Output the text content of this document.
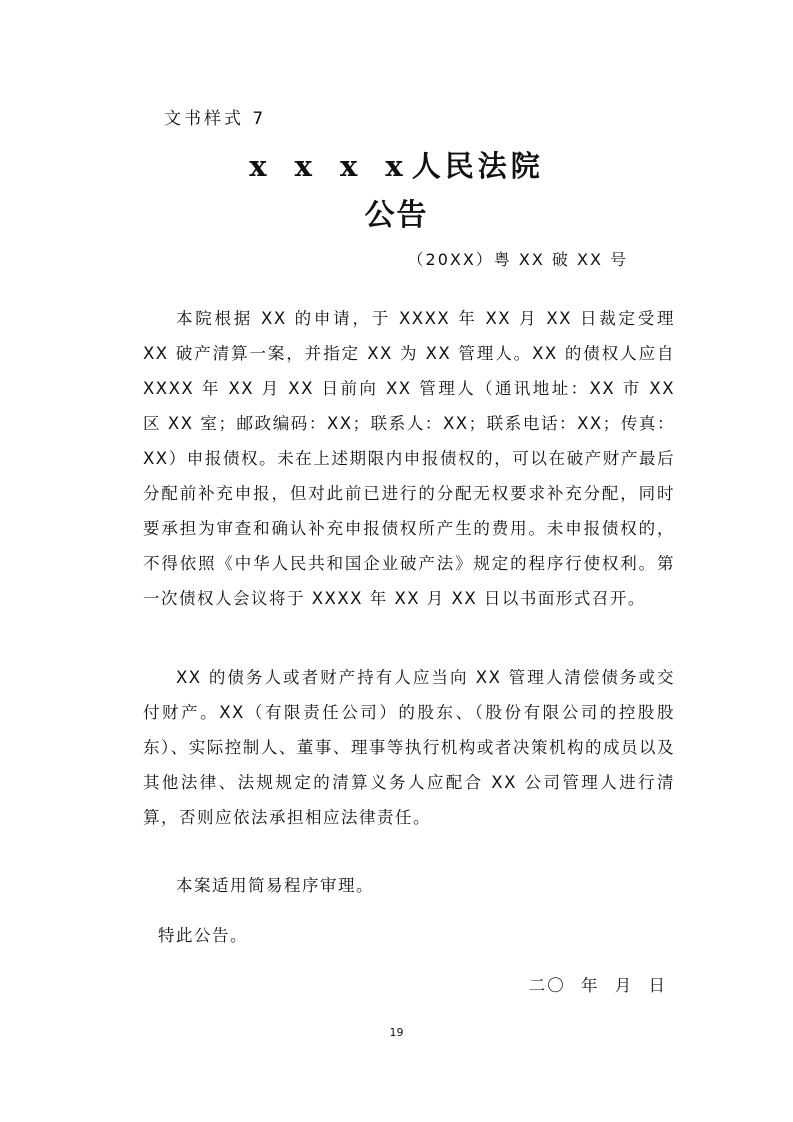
文书样式 7
x x x x人民法院
公告
（20XX）粤 XX 破 XX 号
本院根据 XX 的申请，于 XXXX 年 XX 月 XX 日裁定受理 XX 破产清算一案，并指定 XX 为 XX 管理人。XX 的债权人应自 XXXX 年 XX 月 XX 日前向 XX 管理人（通讯地址：XX 市 XX 区 XX 室；邮政编码：XX；联系人：XX；联系电话：XX；传真：XX）申报债权。未在上述期限内申报债权的，可以在破产财产最后分配前补充申报，但对此前已进行的分配无权要求补充分配，同时要承担为审查和确认补充申报债权所产生的费用。未申报债权的，不得依照《中华人民共和国企业破产法》规定的程序行使权利。第一次债权人会议将于 XXXX 年 XX 月 XX 日以书面形式召开。
XX 的债务人或者财产持有人应当向 XX 管理人清偿债务或交付财产。XX（有限责任公司）的股东、（股份有限公司的控股股东）、实际控制人、董事、理事等执行机构或者决策机构的成员以及其他法律、法规规定的清算义务人应配合 XX 公司管理人进行清算，否则应依法承担相应法律责任。
本案适用简易程序审理。
特此公告。
二〇 年 月 日
19
